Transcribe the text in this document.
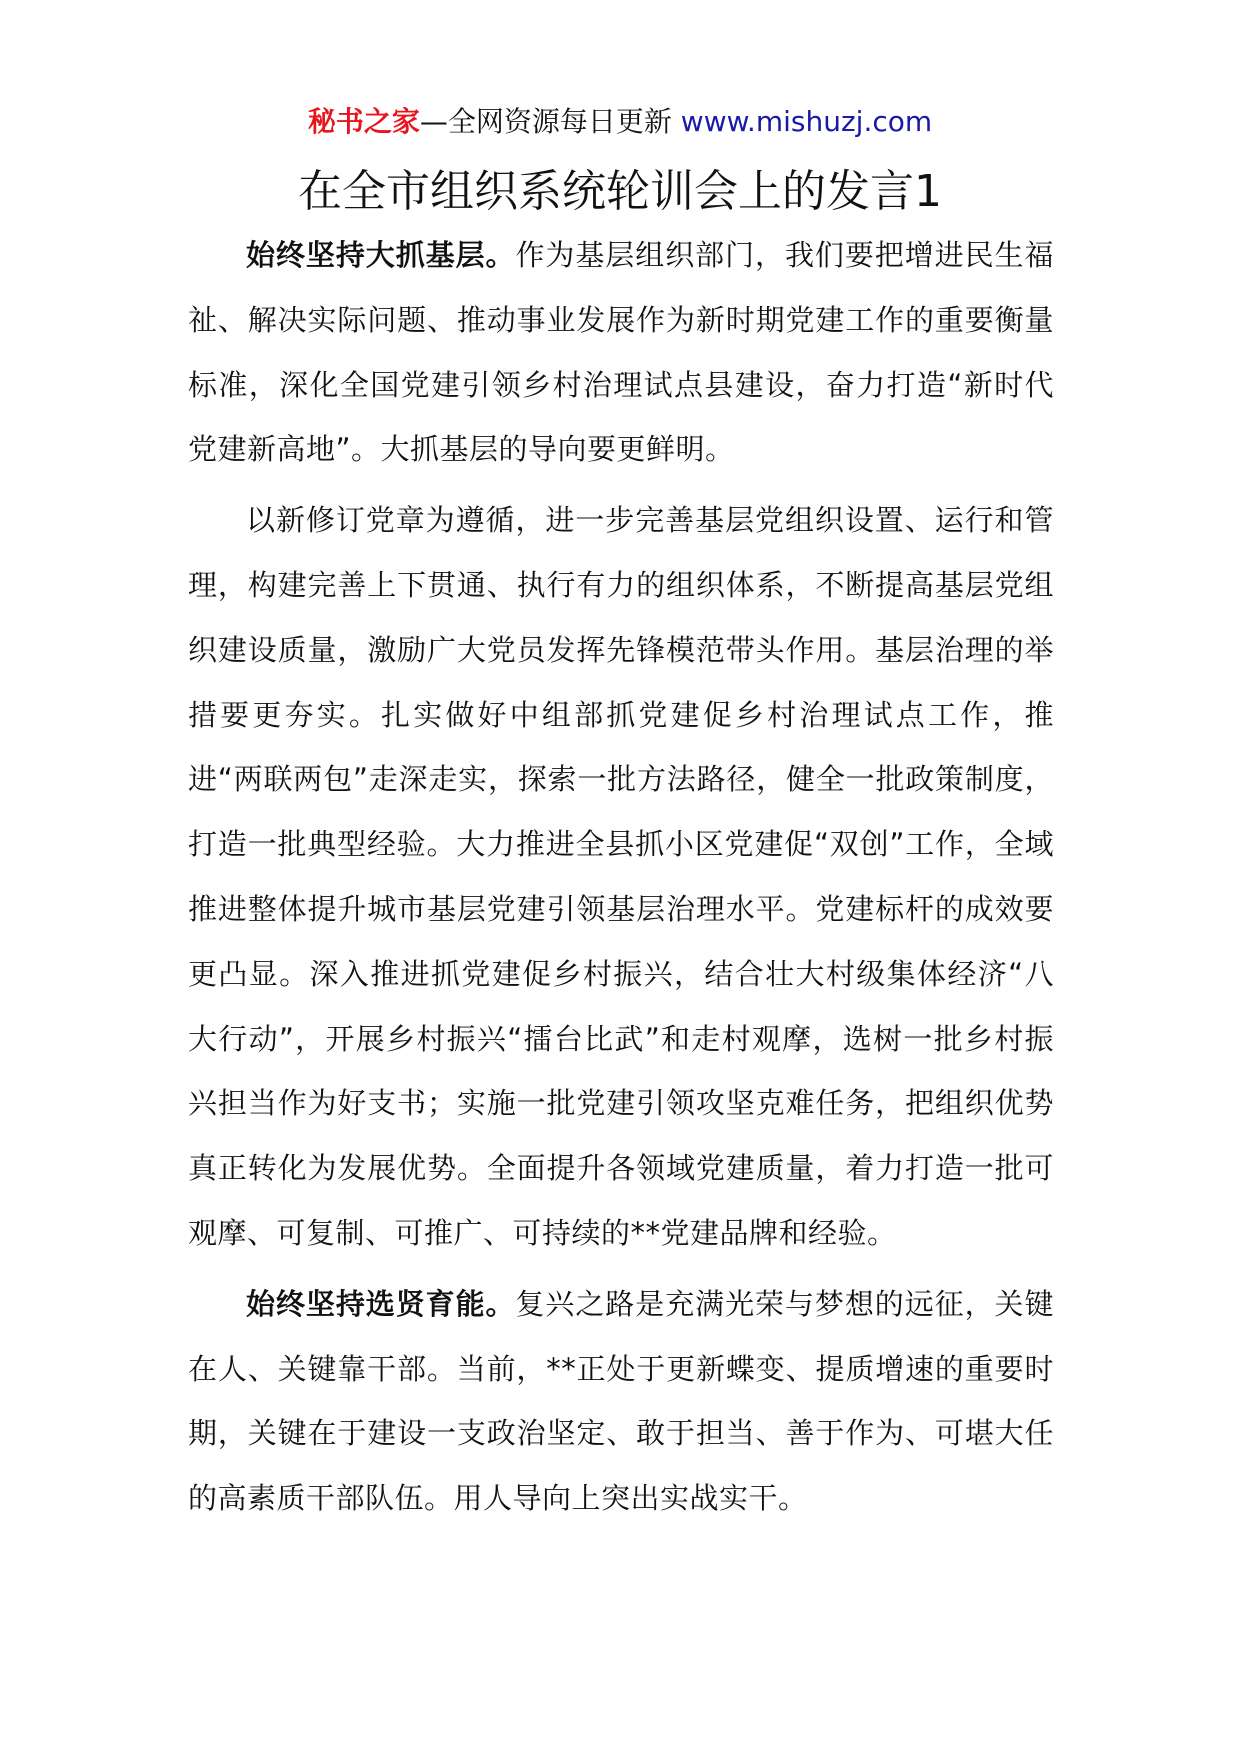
秘书之家—全网资源每日更新 www.mishuzj.com
在全市组织系统轮训会上的发言1

始终坚持大抓基层。作为基层组织部门，我们要把增进民生福祉、解决实际问题、推动事业发展作为新时期党建工作的重要衡量标准，深化全国党建引领乡村治理试点县建设，奋力打造“新时代党建新高地”。大抓基层的导向要更鲜明。

以新修订党章为遵循，进一步完善基层党组织设置、运行和管理，构建完善上下贯通、执行有力的组织体系，不断提高基层党组织建设质量，激励广大党员发挥先锋模范带头作用。基层治理的举措要更夯实。扎实做好中组部抓党建促乡村治理试点工作，推进“两联两包”走深走实，探索一批方法路径，健全一批政策制度，打造一批典型经验。大力推进全县抓小区党建促“双创”工作，全域推进整体提升城市基层党建引领基层治理水平。党建标杆的成效要更凸显。深入推进抓党建促乡村振兴，结合壮大村级集体经济“八大行动”，开展乡村振兴“擂台比武”和走村观摩，选树一批乡村振兴担当作为好支书；实施一批党建引领攻坚克难任务，把组织优势真正转化为发展优势。全面提升各领域党建质量，着力打造一批可观摩、可复制、可推广、可持续的**党建品牌和经验。

始终坚持选贤育能。复兴之路是充满光荣与梦想的远征，关键在人、关键靠干部。当前，**正处于更新蝶变、提质增速的重要时期，关键在于建设一支政治坚定、敢于担当、善于作为、可堪大任的高素质干部队伍。用人导向上突出实战实干。
